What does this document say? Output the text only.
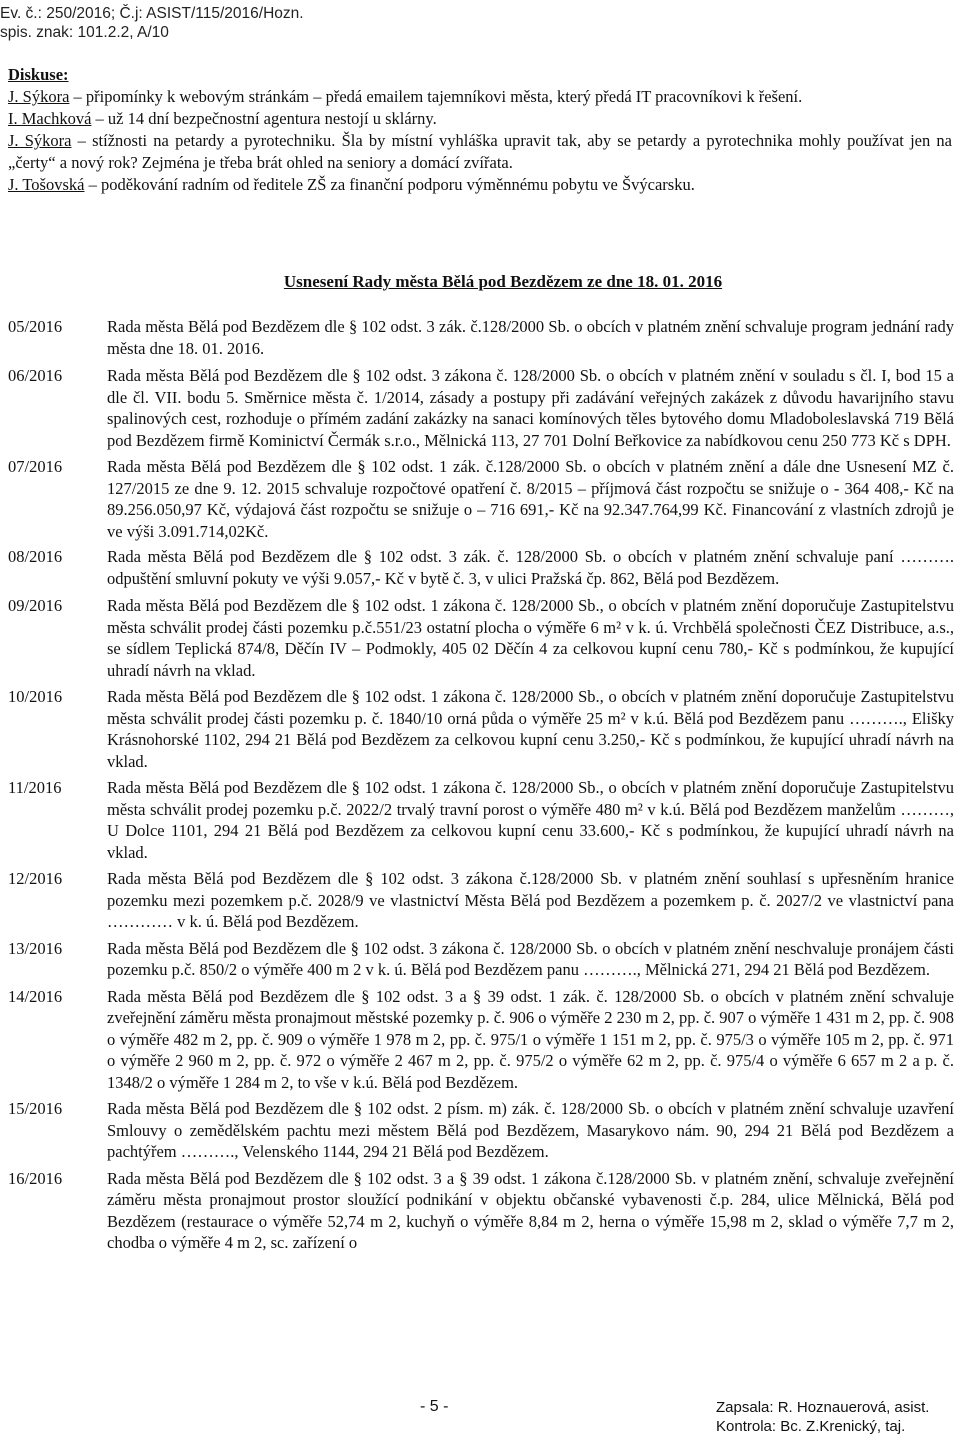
Ev. č.: 250/2016; Č.j: ASIST/115/2016/Hozn.
spis. znak: 101.2.2, A/10
Diskuse:
J. Sýkora – připomínky k webovým stránkám – předá emailem tajemníkovi města, který předá IT pracovníkovi k řešení.
I. Machková – už 14 dní bezpečnostní agentura nestojí u sklárny.
J. Sýkora – stížnosti na petardy a pyrotechniku. Šla by místní vyhláška upravit tak, aby se petardy a pyrotechnika mohly používat jen na „čerty“ a nový rok? Zejména je třeba brát ohled na seniory a domácí zvířata.
J. Tošovská – poděkování radním od ředitele ZŠ za finanční podporu výměnnému pobytu ve Švýcarsku.
Usnesení Rady města Bělá pod Bezdězem ze dne 18. 01. 2016
05/2016	Rada města Bělá pod Bezdězem dle § 102 odst. 3 zák. č.128/2000 Sb. o obcích v platném znění schvaluje program jednání rady města dne 18. 01. 2016.
06/2016	Rada města Bělá pod Bezdězem dle § 102 odst. 3 zákona č. 128/2000 Sb. o obcích v platném znění v souladu s čl. I, bod 15 a dle čl. VII. bodu 5. Směrnice města č. 1/2014, zásady a postupy při zadávání veřejných zakázek z důvodu havarijního stavu spalinových cest, rozhoduje o přímém zadání zakázky na sanaci komínových těles bytového domu Mladoboleslavská 719 Bělá pod Bezdězem firmě Kominictví Čermák s.r.o., Mělnická 113, 27 701 Dolní Beřkovice za nabídkovou cenu 250 773 Kč s DPH.
07/2016	Rada města Bělá pod Bezdězem dle § 102 odst. 1 zák. č.128/2000 Sb. o obcích v platném znění a dále dne Usnesení MZ č. 127/2015 ze dne 9. 12. 2015 schvaluje rozpočtové opatření č. 8/2015 – příjmová část rozpočtu se snižuje o - 364 408,- Kč na 89.256.050,97 Kč, výdajová část rozpočtu se snižuje o – 716 691,- Kč na 92.347.764,99 Kč. Financování z vlastních zdrojů je ve výši 3.091.714,02Kč.
08/2016	Rada města Bělá pod Bezdězem dle § 102 odst. 3 zák. č. 128/2000 Sb. o obcích v platném znění schvaluje paní ………. odpuštění smluvní pokuty ve výši 9.057,- Kč v bytě č. 3, v ulici Pražská čp. 862, Bělá pod Bezdězem.
09/2016	Rada města Bělá pod Bezdězem dle § 102 odst. 1 zákona č. 128/2000 Sb., o obcích v platném znění doporučuje Zastupitelstvu města schválit prodej části pozemku p.č.551/23 ostatní plocha o výměře 6 m² v k. ú. Vrchbělá společnosti ČEZ Distribuce, a.s., se sídlem Teplická 874/8, Děčín IV – Podmokly, 405 02 Děčín 4 za celkovou kupní cenu 780,- Kč s podmínkou, že kupující uhradí návrh na vklad.
10/2016	Rada města Bělá pod Bezdězem dle § 102 odst. 1 zákona č. 128/2000 Sb., o obcích v platném znění doporučuje Zastupitelstvu města schválit prodej části pozemku p. č. 1840/10 orná půda o výměře 25 m² v k.ú. Bělá pod Bezdězem panu ………., Elišky Krásnohorské 1102, 294 21 Bělá pod Bezdězem za celkovou kupní cenu 3.250,- Kč s podmínkou, že kupující uhradí návrh na vklad.
11/2016	Rada města Bělá pod Bezdězem dle § 102 odst. 1 zákona č. 128/2000 Sb., o obcích v platném znění doporučuje Zastupitelstvu města schválit prodej pozemku p.č. 2022/2 trvalý travní porost o výměře 480 m² v k.ú. Bělá pod Bezdězem manželům ………, U Dolce 1101, 294 21 Bělá pod Bezdězem za celkovou kupní cenu 33.600,- Kč s podmínkou, že kupující uhradí návrh na vklad.
12/2016	Rada města Bělá pod Bezdězem dle § 102 odst. 3 zákona č.128/2000 Sb. v platném znění souhlasí s upřesněním hranice pozemku mezi pozemkem p.č. 2028/9 ve vlastnictví Města Bělá pod Bezdězem a pozemkem p. č. 2027/2 ve vlastnictví pana ………… v k. ú. Bělá pod Bezdězem.
13/2016	Rada města Bělá pod Bezdězem dle § 102 odst. 3 zákona č. 128/2000 Sb. o obcích v platném znění neschvaluje pronájem části pozemku p.č. 850/2 o výměře 400 m 2 v k. ú. Bělá pod Bezdězem panu ………., Mělnická 271, 294 21 Bělá pod Bezdězem.
14/2016	Rada města Bělá pod Bezdězem dle § 102 odst. 3 a § 39 odst. 1 zák. č. 128/2000 Sb. o obcích v platném znění schvaluje zveřejnění záměru města pronajmout městské pozemky p. č. 906 o výměře 2 230 m 2, pp. č. 907 o výměře 1 431 m 2, pp. č. 908 o výměře 482 m 2, pp. č. 909 o výměře 1 978 m 2, pp. č. 975/1 o výměře 1 151 m 2, pp. č. 975/3 o výměře 105 m 2, pp. č. 971 o výměře 2 960 m 2, pp. č. 972 o výměře 2 467 m 2, pp. č. 975/2 o výměře 62 m 2, pp. č. 975/4 o výměře 6 657 m 2 a p. č. 1348/2 o výměře 1 284 m 2, to vše v k.ú. Bělá pod Bezdězem.
15/2016	Rada města Bělá pod Bezdězem dle § 102 odst. 2 písm. m) zák. č. 128/2000 Sb. o obcích v platném znění schvaluje uzavření Smlouvy o zemědělském pachtu mezi městem Bělá pod Bezdězem, Masarykovo nám. 90, 294 21 Bělá pod Bezdězem a pachtýřem ………., Velenského 1144, 294 21 Bělá pod Bezdězem.
16/2016	Rada města Bělá pod Bezdězem dle § 102 odst. 3 a § 39 odst. 1 zákona č.128/2000 Sb. v platném znění, schvaluje zveřejnění záměru města pronajmout prostor sloužící podnikání v objektu občanské vybavenosti č.p. 284, ulice Mělnická, Bělá pod Bezdězem (restaurace o výměře 52,74 m 2, kuchyň o výměře 8,84 m 2, herna o výměře 15,98 m 2, sklad o výměře 7,7 m 2, chodba o výměře 4 m 2, sc. zařízení o
- 5 -	Zapsala: R. Hoznauerová, asist.
Kontrola: Bc. Z.Krenický, taj.
